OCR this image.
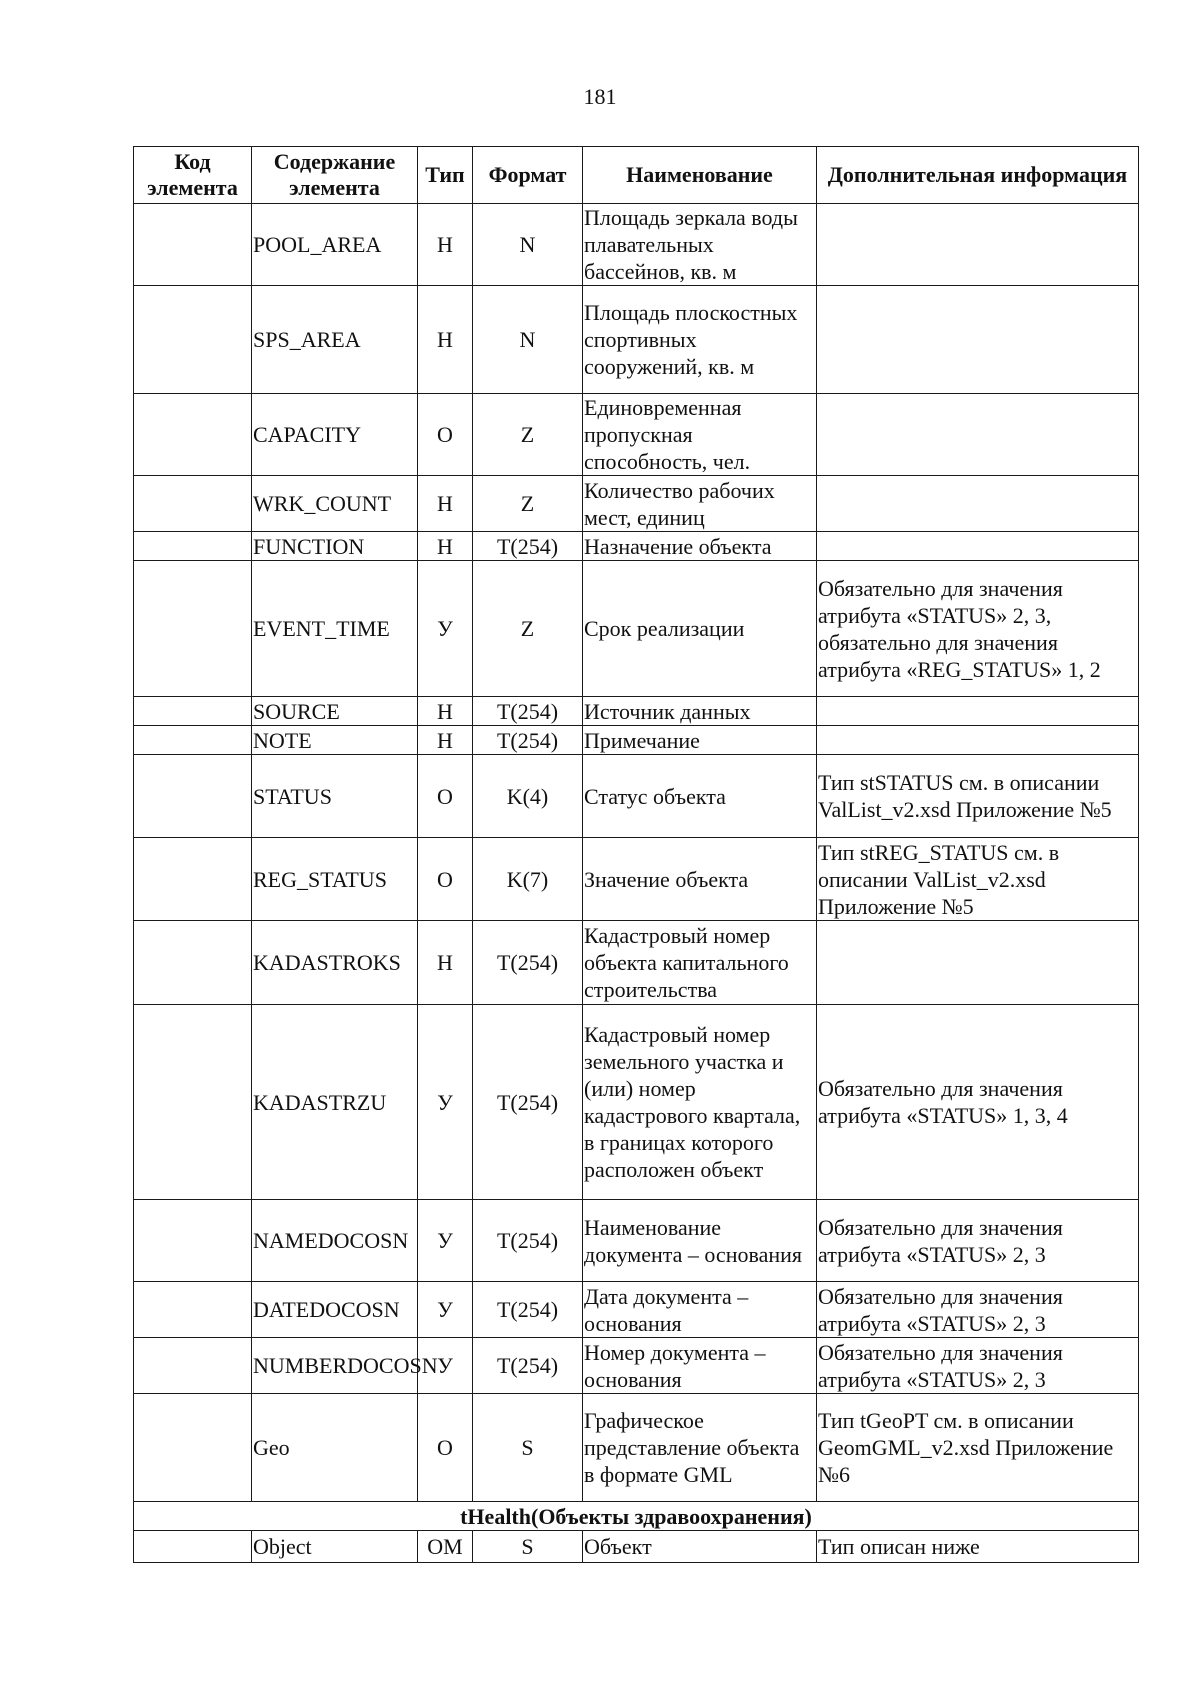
181
Код элемента	Содержание элемента	Тип	Формат	Наименование	Дополнительная информация
	POOL_AREA	Н	N	Площадь зеркала воды плавательных бассейнов, кв. м	
	SPS_AREA	Н	N	Площадь плоскостных спортивных сооружений, кв. м	
	CAPACITY	О	Z	Единовременная пропускная способность, чел.	
	WRK_COUNT	Н	Z	Количество рабочих мест, единиц	
	FUNCTION	Н	T(254)	Назначение объекта	
	EVENT_TIME	У	Z	Срок реализации	Обязательно для значения атрибута «STATUS» 2, 3, обязательно для значения атрибута «REG_STATUS» 1, 2
	SOURCE	Н	T(254)	Источник данных	
	NOTE	Н	T(254)	Примечание	
	STATUS	О	K(4)	Статус объекта	Тип stSTATUS см. в описании ValList_v2.xsd Приложение №5
	REG_STATUS	О	K(7)	Значение объекта	Тип stREG_STATUS см. в описании ValList_v2.xsd Приложение №5
	KADASTROKS	Н	T(254)	Кадастровый номер объекта капитального строительства	
	KADASTRZU	У	T(254)	Кадастровый номер земельного участка и (или) номер кадастрового квартала, в границах которого расположен объект	Обязательно для значения атрибута «STATUS» 1, 3, 4
	NAMEDOCOSN	У	T(254)	Наименование документа – основания	Обязательно для значения атрибута «STATUS» 2, 3
	DATEDOCOSN	У	T(254)	Дата документа – основания	Обязательно для значения атрибута «STATUS» 2, 3
	NUMBERDOCOSN	У	T(254)	Номер документа – основания	Обязательно для значения атрибута «STATUS» 2, 3
	Geo	О	S	Графическое представление объекта в формате GML	Тип tGeoPT см. в описании GeomGML_v2.xsd Приложение №6
tHealth(Объекты здравоохранения)					
	Object	ОМ	S	Объект	Тип описан ниже
